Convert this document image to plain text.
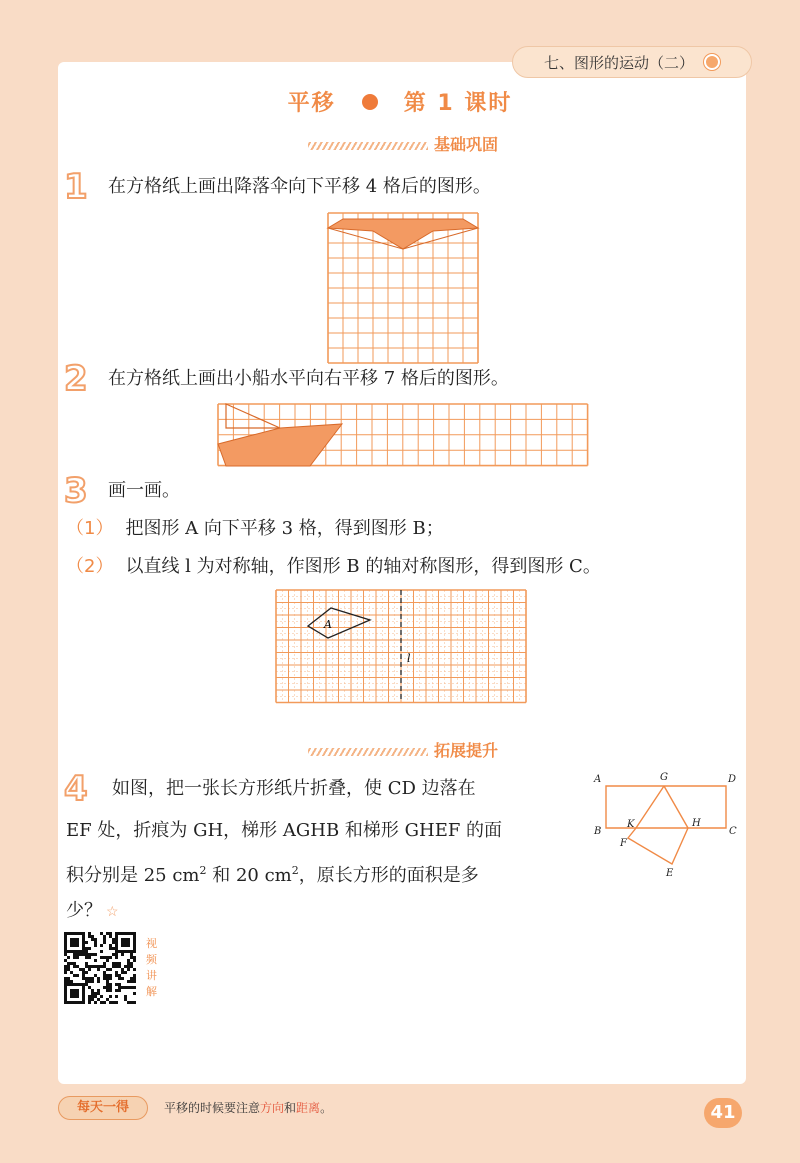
七、图形的运动（二）
平移	第 1 课时
基础巩固
1 在方格纸上画出降落伞向下平移 4 格后的图形。
2 在方格纸上画出小船水平向右平移 7 格后的图形。
3 画一画。
（1） 把图形 A 向下平移 3 格，得到图形 B；
（2） 以直线 l 为对称轴，作图形 B 的轴对称图形，得到图形 C。
A
l
拓展提升
4 如图，把一张长方形纸片折叠，使 CD 边落在
EF 处，折痕为 GH，梯形 AGHB 和梯形 GHEF 的面
积分别是 25 $cm^2$ 和 20 $cm^2$，原长方形的面积是多
少？ ☆
A	G	D
B
K	H
C
F
E
视频讲解
每天一得	平移的时候要注意方向和距离。	41
